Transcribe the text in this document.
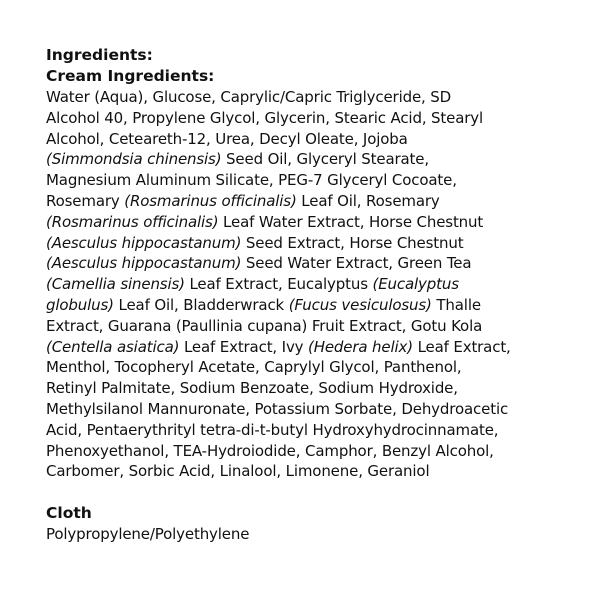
Ingredients:

Cream Ingredients:

Water (Aqua), Glucose, Caprylic/Capric Triglyceride, SD
Alcohol 40, Propylene Glycol, Glycerin, Stearic Acid, Stearyl
Alcohol, Ceteareth-12, Urea, Decyl Oleate, Jojoba
(Simmondsia chinensis) Seed Oil, Glyceryl Stearate,
Magnesium Aluminum Silicate, PEG-7 Glyceryl Cocoate,
Rosemary (Rosmarinus officinalis) Leaf Oil, Rosemary
(Rosmarinus officinalis) Leaf Water Extract, Horse Chestnut
(Aesculus hippocastanum) Seed Extract, Horse Chestnut
(Aesculus hippocastanum) Seed Water Extract, Green Tea
(Camellia sinensis) Leaf Extract, Eucalyptus (Eucalyptus
globulus) Leaf Oil, Bladderwrack (Fucus vesiculosus) Thalle
Extract, Guarana (Paullinia cupana) Fruit Extract, Gotu Kola
(Centella asiatica) Leaf Extract, Ivy (Hedera helix) Leaf Extract,
Menthol, Tocopheryl Acetate, Caprylyl Glycol, Panthenol,
Retinyl Palmitate, Sodium Benzoate, Sodium Hydroxide,
Methylsilanol Mannuronate, Potassium Sorbate, Dehydroacetic
Acid, Pentaerythrityl tetra-di-t-butyl Hydroxyhydrocinnamate,
Phenoxyethanol, TEA-Hydroiodide, Camphor, Benzyl Alcohol,
Carbomer, Sorbic Acid, Linalool, Limonene, Geraniol

Cloth

Polypropylene/Polyethylene
